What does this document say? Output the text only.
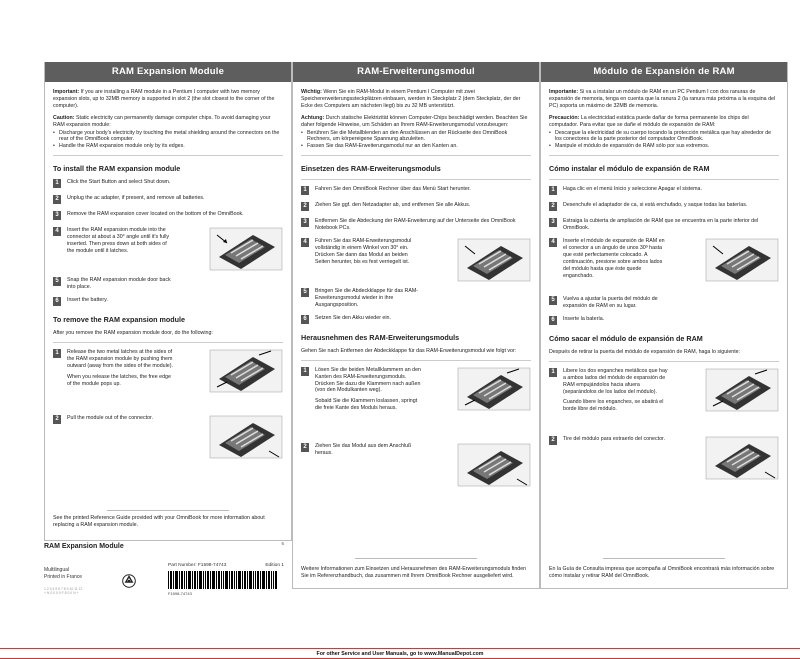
RAM Expansion Module

Important: If you are installing a RAM module in a Pentium I computer with two memory expansion slots, up to 32MB memory is supported in slot 2 (the slot closest to the corner of the computer).

Caution: Static electricity can permanently damage computer chips. To avoid damaging your RAM expansion module:

• Discharge your body's electricity by touching the metal shielding around the connectors on the rear of the OmniBook computer.
• Handle the RAM expansion module only by its edges.
To install the RAM expansion module
1	Click the Start Button and select Shut down.
2	Unplug the ac adapter, if present, and remove all batteries.
3	Remove the RAM expansion cover located on the bottom of the OmniBook.
4	Insert the RAM expansion module into the connector at about a 30° angle until it's fully inserted. Then press down at both sides of the module until it latches.
5	Snap the RAM expansion module door back into place.
6	Insert the battery.
To remove the RAM expansion module

After you remove the RAM expansion module door, do the following:

1	Release the two metal latches at the sides of the RAM expansion module by pushing them outward (away from the sides of the module).
When you release the latches, the free edge of the module pops up.
2	Pull the module out of the connector.
See the printed Reference Guide provided with your OmniBook for more information about replacing a RAM expansion module.
RAM-Erweiterungsmodul

Wichtig: Wenn Sie ein RAM-Modul in einem Pentium I Computer mit zwei Speichererweiterungssteckplätzen einbauen, werden in Steckplatz 2 (dem Steckplatz, der der Ecke des Computers am nächsten liegt) bis zu 32 MB unterstützt.

Achtung: Durch statische Elektrizität können Computer-Chips beschädigt werden. Beachten Sie daher folgende Hinweise, um Schäden an Ihrem RAM-Erweiterungsmodul vorzubeugen:

• Berühren Sie die Metallblenden an den Anschlüssen an der Rückseite des OmniBook Rechners, um körpereigene Spannung abzuleiten.
• Fassen Sie das RAM-Erweiterungsmodul nur an den Kanten an.
Einsetzen des RAM-Erweiterungsmoduls
1	Fahren Sie den OmniBook Rechner über das Menü Start herunter.
2	Ziehen Sie ggf. den Netzadapter ab, und entfernen Sie alle Akkus.
3	Entfernen Sie die Abdeckung der RAM-Erweiterung auf der Unterseite des OmniBook Notebook PCs.
4	Führen Sie das RAM-Erweiterungsmodul vollständig in einem Winkel von 30° ein. Drücken Sie dann das Modul an beiden Seiten herunter, bis es fest verriegelt ist.
5	Bringen Sie die Abdeckklappe für das RAM-Erweiterungsmodul wieder in ihre Ausgangsposition.
6	Setzen Sie den Akku wieder ein.
Herausnehmen des RAM-Erweiterungsmoduls

Gehen Sie nach Entfernen der Abdeckklappe für das RAM-Erweiterungsmodul wie folgt vor:

1	Lösen Sie die beiden Metallklammern an den Kanten des RAM-Erweiterungsmoduls. Drücken Sie dazu die Klammern nach außen (von den Modulkanten weg).
Sobald Sie die Klammern loslassen, springt die freie Kante des Moduls heraus.
2	Ziehen Sie das Modul aus dem Anschluß heraus.
Weitere Informationen zum Einsetzen und Herausnehmen des RAM-Erweiterungsmoduls finden Sie im Referenzhandbuch, das zusammen mit Ihrem OmniBook Rechner ausgeliefert wird.
Módulo de Expansión de RAM

Importante: Si va a instalar un módulo de RAM en un PC Pentium I con dos ranuras de expansión de memoria, tenga en cuenta que la ranura 2 (la ranura más próxima a la esquina del PC) soporta un máximo de 32MB de memoria.

Precaución: La electricidad estática puede dañar de forma permanente los chips del computador. Para evitar que se dañe el módulo de expansión de RAM:

• Descargue la electricidad de su cuerpo tocando la protección metálica que hay alrededor de los conectores de la parte posterior del computador OmniBook.
• Manipule el módulo de expansión de RAM sólo por sus extremos.
Cómo instalar el módulo de expansión de RAM
1	Haga clic en el menú Inicio y seleccione Apagar el sistema.
2	Desenchufe el adaptador de ca, si está enchufado, y saque todas las baterías.
3	Estraiga la cubierta de ampliación de RAM que se encuentra en la parte inferior del OmniBook.
4	Inserte el módulo de expansión de RAM en el conector a un ángulo de unos 30º hasta que esté perfectamente colocado. A continuación, presione sobre ambos lados del módulo hasta que éste quede enganchado.
5	Vuelva a ajustar la puerta del módulo de expansión de RAM en su lugar.
6	Inserte la batería.
Cómo sacar el módulo de expansión de RAM

Después de retirar la puerta del módulo de expansión de RAM, haga lo siguiente:

1	Libere los dos enganches metálicos que hay a ambos lados del módulo de expansión de RAM empujándolos hacia afuera (separándolos de los lados del módulo).
Cuando libere los enganches, se abatirá el borde libre del módulo.
2	Tire del módulo para extraerlo del conector.
En la Guía de Consulta impresa que acompaña al OmniBook encontrará más información sobre cómo instalar y retirar RAM del OmniBook.
RAM Expansion Module	6
Part Number: F1598-74743	Edition 1
F1598-74743
Multilingual
Printed in France
1 2 3 4 5 6 7 8 9 10 11 12
+ N 0 0 0 0 F 8 0 0 N +
For other Service and User Manuals, go to www.ManualDepot.com
